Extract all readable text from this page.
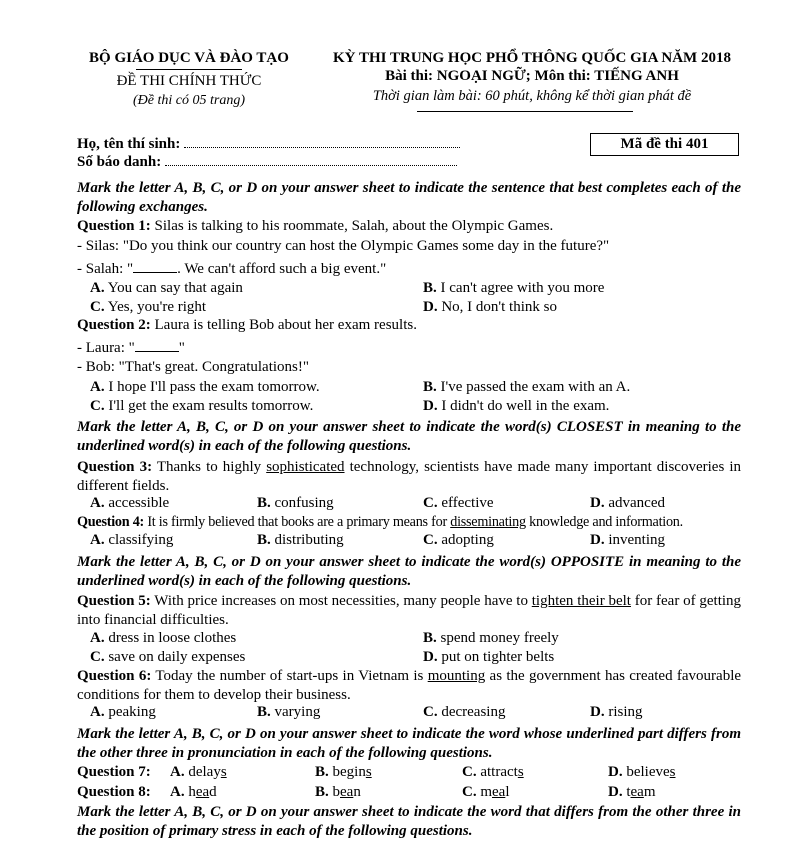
BỘ GIÁO DỤC VÀ ĐÀO TẠO
ĐỀ THI CHÍNH THỨC
(Đề thi có 05 trang)
KỲ THI TRUNG HỌC PHỔ THÔNG QUỐC GIA NĂM 2018
Bài thi: NGOẠI NGỮ; Môn thi: TIẾNG ANH
Thời gian làm bài: 60 phút, không kể thời gian phát đề
Họ, tên thí sinh:
Số báo danh:
Mã đề thi 401
Mark the letter A, B, C, or D on your answer sheet to indicate the sentence that best completes each of the following exchanges.
Question 1: Silas is talking to his roommate, Salah, about the Olympic Games.
- Silas: "Do you think our country can host the Olympic Games some day in the future?"
- Salah: "	. We can't afford such a big event."
A. You can say that again	B. I can't agree with you more
C. Yes, you're right	D. No, I don't think so
Question 2: Laura is telling Bob about her exam results.
- Laura: "	"
- Bob: "That's great. Congratulations!"
A. I hope I'll pass the exam tomorrow.	B. I've passed the exam with an A.
C. I'll get the exam results tomorrow.	D. I didn't do well in the exam.
Mark the letter A, B, C, or D on your answer sheet to indicate the word(s) CLOSEST in meaning to the underlined word(s) in each of the following questions.
Question 3: Thanks to highly sophisticated technology, scientists have made many important discoveries in different fields.
A. accessible	B. confusing	C. effective	D. advanced
Question 4: It is firmly believed that books are a primary means for disseminating knowledge and information.
A. classifying	B. distributing	C. adopting	D. inventing
Mark the letter A, B, C, or D on your answer sheet to indicate the word(s) OPPOSITE in meaning to the underlined word(s) in each of the following questions.
Question 5: With price increases on most necessities, many people have to tighten their belt for fear of getting into financial difficulties.
A. dress in loose clothes	B. spend money freely
C. save on daily expenses	D. put on tighter belts
Question 6: Today the number of start-ups in Vietnam is mounting as the government has created favourable conditions for them to develop their business.
A. peaking	B. varying	C. decreasing	D. rising
Mark the letter A, B, C, or D on your answer sheet to indicate the word whose underlined part differs from the other three in pronunciation in each of the following questions.
Question 7: A. delays	B. begins	C. attracts	D. believes
Question 8: A. head	B. bean	C. meal	D. team
Mark the letter A, B, C, or D on your answer sheet to indicate the word that differs from the other three in the position of primary stress in each of the following questions.
